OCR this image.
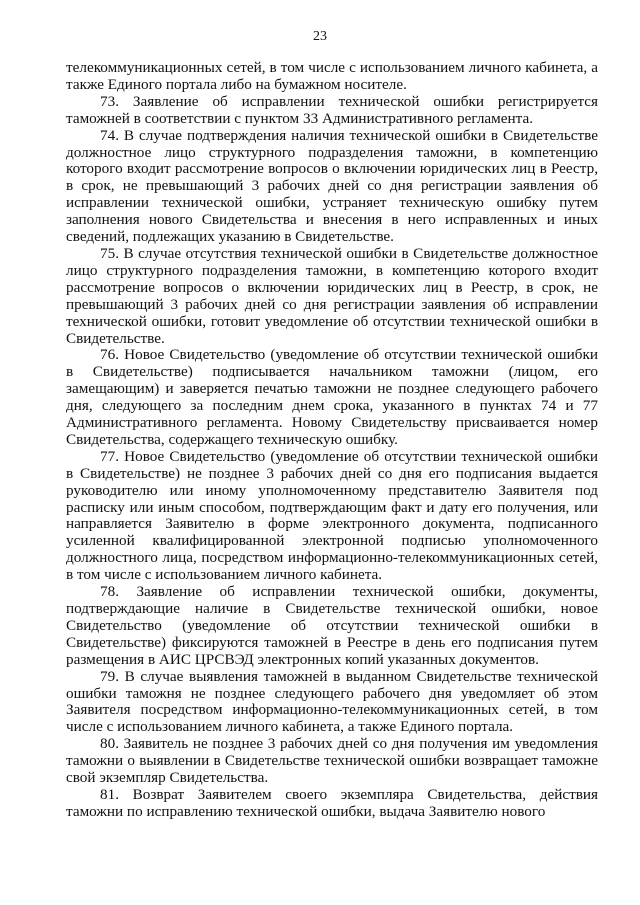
23

телекоммуникационных сетей, в том числе с использованием личного кабинета, а также Единого портала либо на бумажном носителе.

73. Заявление об исправлении технической ошибки регистрируется таможней в соответствии с пунктом 33 Административного регламента.

74. В случае подтверждения наличия технической ошибки в Свидетельстве должностное лицо структурного подразделения таможни, в компетенцию которого входит рассмотрение вопросов о включении юридических лиц в Реестр, в срок, не превышающий 3 рабочих дней со дня регистрации заявления об исправлении технической ошибки, устраняет техническую ошибку путем заполнения нового Свидетельства и внесения в него исправленных и иных сведений, подлежащих указанию в Свидетельстве.

75. В случае отсутствия технической ошибки в Свидетельстве должностное лицо структурного подразделения таможни, в компетенцию которого входит рассмотрение вопросов о включении юридических лиц в Реестр, в срок, не превышающий 3 рабочих дней со дня регистрации заявления об исправлении технической ошибки, готовит уведомление об отсутствии технической ошибки в Свидетельстве.

76. Новое Свидетельство (уведомление об отсутствии технической ошибки в Свидетельстве) подписывается начальником таможни (лицом, его замещающим) и заверяется печатью таможни не позднее следующего рабочего дня, следующего за последним днем срока, указанного в пунктах 74 и 77 Административного регламента. Новому Свидетельству присваивается номер Свидетельства, содержащего техническую ошибку.

77. Новое Свидетельство (уведомление об отсутствии технической ошибки в Свидетельстве) не позднее 3 рабочих дней со дня его подписания выдается руководителю или иному уполномоченному представителю Заявителя под расписку или иным способом, подтверждающим факт и дату его получения, или направляется Заявителю в форме электронного документа, подписанного усиленной квалифицированной электронной подписью уполномоченного должностного лица, посредством информационно-телекоммуникационных сетей, в том числе с использованием личного кабинета.

78. Заявление об исправлении технической ошибки, документы, подтверждающие наличие в Свидетельстве технической ошибки, новое Свидетельство (уведомление об отсутствии технической ошибки в Свидетельстве) фиксируются таможней в Реестре в день его подписания путем размещения в АИС ЦРСВЭД электронных копий указанных документов.

79. В случае выявления таможней в выданном Свидетельстве технической ошибки таможня не позднее следующего рабочего дня уведомляет об этом Заявителя посредством информационно-телекоммуникационных сетей, в том числе с использованием личного кабинета, а также Единого портала.

80. Заявитель не позднее 3 рабочих дней со дня получения им уведомления таможни о выявлении в Свидетельстве технической ошибки возвращает таможне свой экземпляр Свидетельства.

81. Возврат Заявителем своего экземпляра Свидетельства, действия таможни по исправлению технической ошибки, выдача Заявителю нового
